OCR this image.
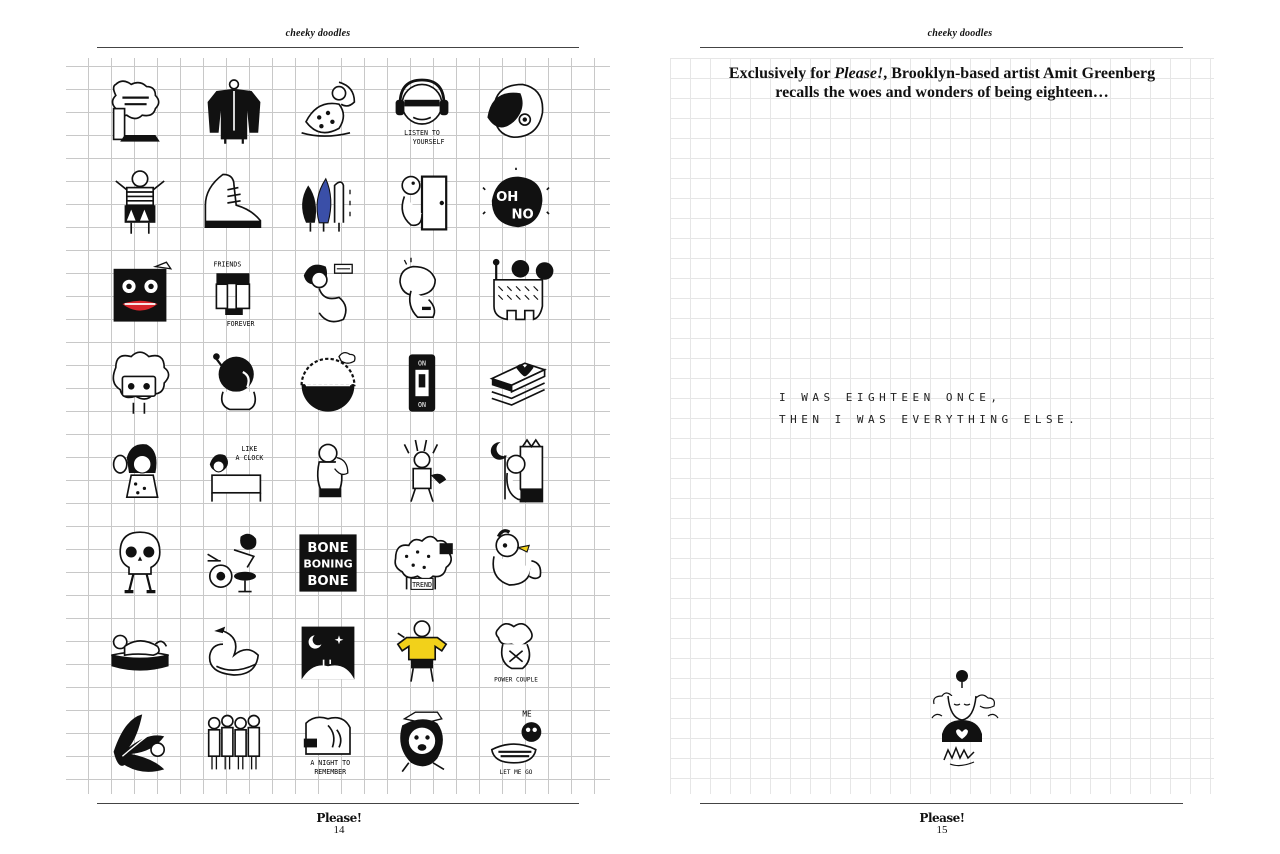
cheeky doodles
LISTEN TO
YOURSELF
OH
NO
FRIENDS
FOREVER
ON
ON
LIKE
A CLOCK
BONE
BONING
BONE	TREND
POWER COUPLE
A NIGHT TO
REMEMBER
ME
LET ME GO
Please!
14
cheeky doodles
Exclusively for Please!, Brooklyn-based artist Amit Greenberg
recalls the woes and wonders of being eighteen…
I WAS EIGHTEEN ONCE,
THEN I WAS EVERYTHING ELSE.
Please!
15
